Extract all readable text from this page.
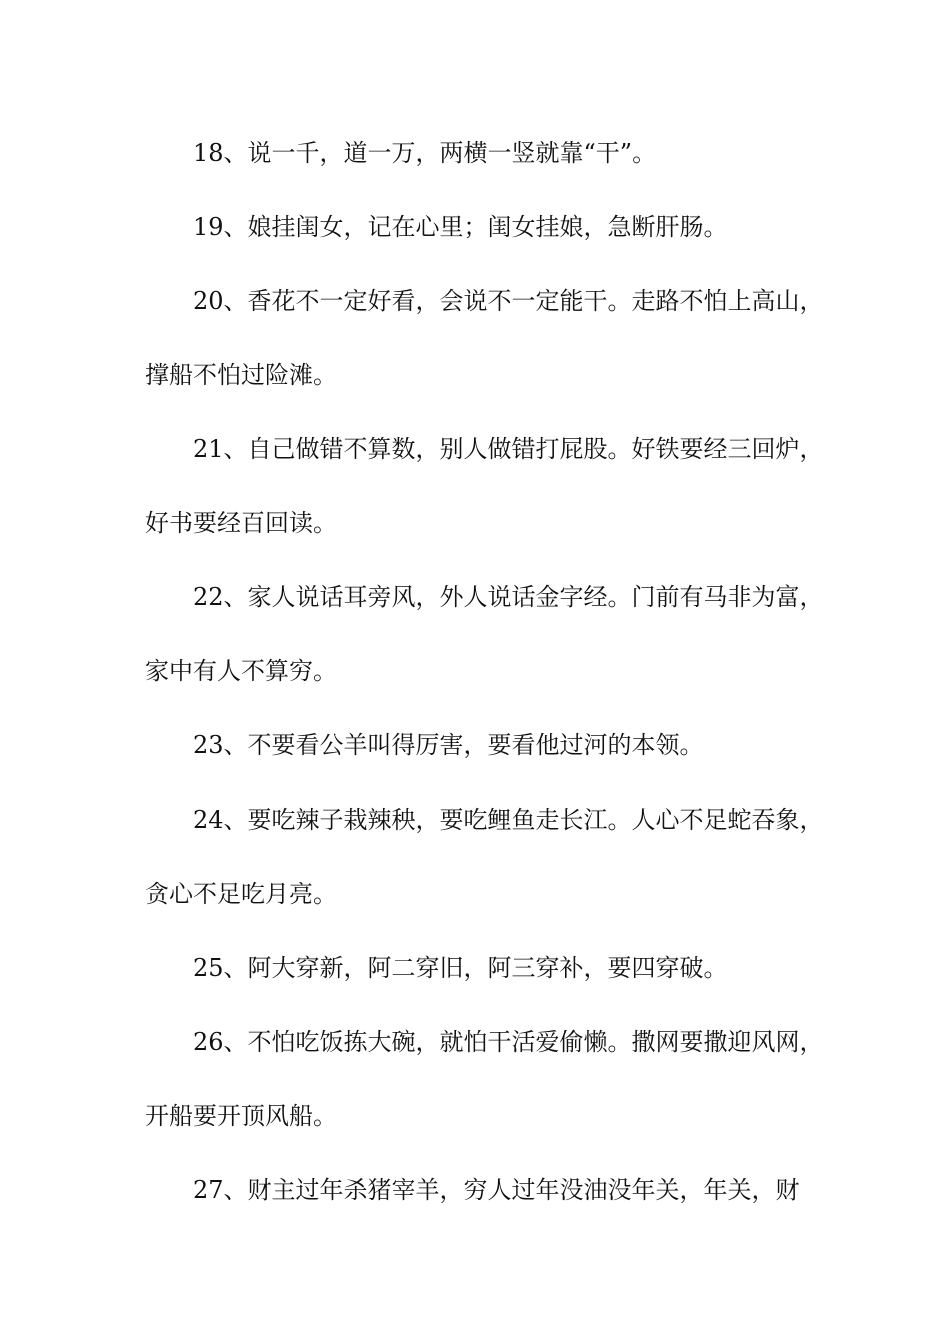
18、说一千，道一万，两横一竖就靠“干”。

19、娘挂闺女，记在心里；闺女挂娘，急断肝肠。

20、香花不一定好看，会说不一定能干。走路不怕上高山，

撑船不怕过险滩。

21、自己做错不算数，别人做错打屁股。好铁要经三回炉，

好书要经百回读。

22、家人说话耳旁风，外人说话金字经。门前有马非为富，

家中有人不算穷。

23、不要看公羊叫得厉害，要看他过河的本领。

24、要吃辣子栽辣秧，要吃鲤鱼走长江。人心不足蛇吞象，

贪心不足吃月亮。

25、阿大穿新，阿二穿旧，阿三穿补，要四穿破。

26、不怕吃饭拣大碗，就怕干活爱偷懒。撒网要撒迎风网，

开船要开顶风船。

27、财主过年杀猪宰羊，穷人过年没油没年关，年关，财
